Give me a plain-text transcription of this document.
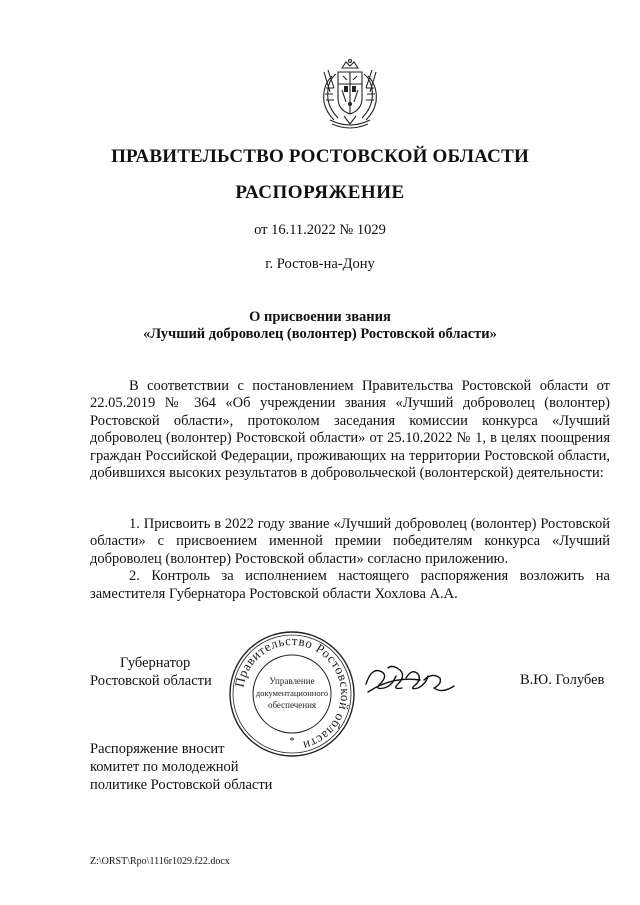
ПРАВИТЕЛЬСТВО РОСТОВСКОЙ ОБЛАСТИ
РАСПОРЯЖЕНИЕ
от 16.11.2022 № 1029
г. Ростов-на-Дону
О присвоении звания
«Лучший доброволец (волонтер) Ростовской области»
В соответствии с постановлением Правительства Ростовской области от 22.05.2019 № 364 «Об учреждении звания «Лучший доброволец (волонтер) Ростовской области», протоколом заседания комиссии конкурса «Лучший доброволец (волонтер) Ростовской области» от 25.10.2022 № 1, в целях поощрения граждан Российской Федерации, проживающих на территории Ростовской области, добившихся высоких результатов в добровольческой (волонтерской) деятельности:

1. Присвоить в 2022 году звание «Лучший доброволец (волонтер) Ростовской области» с присвоением именной премии победителям конкурса «Лучший доброволец (волонтер) Ростовской области» согласно приложению.

2. Контроль за исполнением настоящего распоряжения возложить на заместителя Губернатора Ростовской области Хохлова А.А.

Губернатор
Ростовской области Правительство Ростовской области
Управление
документационного
обеспечения
*
В.Ю. Голубев
Распоряжение вносит
комитет по молодежной
политике Ростовской области
Z:\ORST\Rpo\1116r1029.f22.docx
